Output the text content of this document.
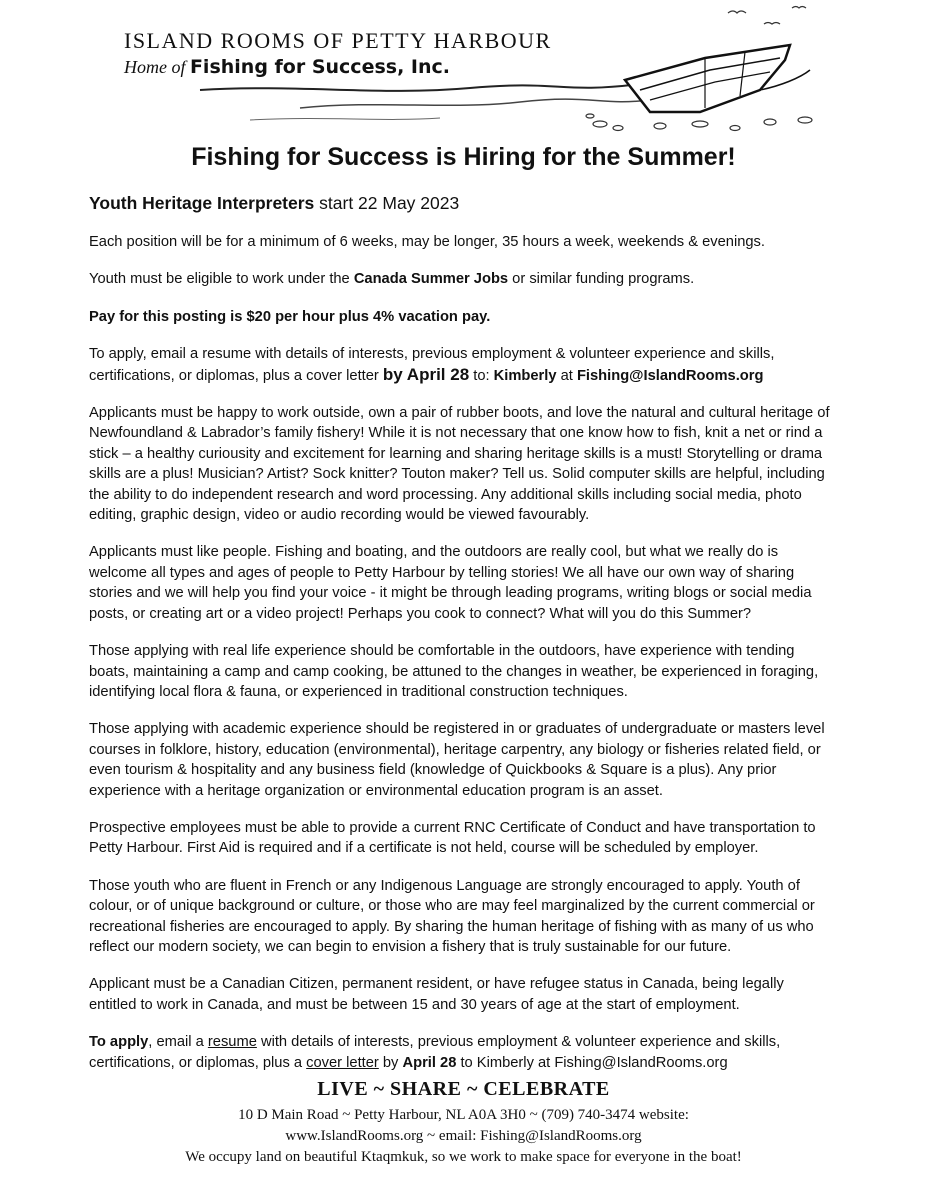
ISLAND ROOMS OF PETTY HARBOUR
Home of Fishing for Success, Inc.
Fishing for Success is Hiring for the Summer!
Youth Heritage Interpreters start 22 May 2023

Each position will be for a minimum of 6 weeks, may be longer, 35 hours a week, weekends & evenings.

Youth must be eligible to work under the Canada Summer Jobs or similar funding programs.

Pay for this posting is $20 per hour plus 4% vacation pay.

To apply, email a resume with details of interests, previous employment & volunteer experience and skills, certifications, or diplomas, plus a cover letter by April 28 to: Kimberly at Fishing@IslandRooms.org

Applicants must be happy to work outside, own a pair of rubber boots, and love the natural and cultural heritage of Newfoundland & Labrador’s family fishery! While it is not necessary that one know how to fish, knit a net or rind a stick – a healthy curiousity and excitement for learning and sharing heritage skills is a must! Storytelling or drama skills are a plus! Musician? Artist? Sock knitter? Touton maker? Tell us. Solid computer skills are helpful, including the ability to do independent research and word processing. Any additional skills including social media, photo editing, graphic design, video or audio recording would be viewed favourably.

Applicants must like people. Fishing and boating, and the outdoors are really cool, but what we really do is welcome all types and ages of people to Petty Harbour by telling stories! We all have our own way of sharing stories and we will help you find your voice - it might be through leading programs, writing blogs or social media posts, or creating art or a video project! Perhaps you cook to connect? What will you do this Summer?

Those applying with real life experience should be comfortable in the outdoors, have experience with tending boats, maintaining a camp and camp cooking, be attuned to the changes in weather, be experienced in foraging, identifying local flora & fauna, or experienced in traditional construction techniques.

Those applying with academic experience should be registered in or graduates of undergraduate or masters level courses in folklore, history, education (environmental), heritage carpentry, any biology or fisheries related field, or even tourism & hospitality and any business field (knowledge of Quickbooks & Square is a plus). Any prior experience with a heritage organization or environmental education program is an asset.

Prospective employees must be able to provide a current RNC Certificate of Conduct and have transportation to Petty Harbour. First Aid is required and if a certificate is not held, course will be scheduled by employer.

Those youth who are fluent in French or any Indigenous Language are strongly encouraged to apply. Youth of colour, or of unique background or culture, or those who are may feel marginalized by the current commercial or recreational fisheries are encouraged to apply. By sharing the human heritage of fishing with as many of us who reflect our modern society, we can begin to envision a fishery that is truly sustainable for our future.

Applicant must be a Canadian Citizen, permanent resident, or have refugee status in Canada, being legally entitled to work in Canada, and must be between 15 and 30 years of age at the start of employment.

To apply, email a resume with details of interests, previous employment & volunteer experience and skills, certifications, or diplomas, plus a cover letter by April 28 to Kimberly at Fishing@IslandRooms.org

LIVE ~ SHARE ~ CELEBRATE
10 D Main Road ~ Petty Harbour, NL A0A 3H0 ~ (709) 740-3474 website:
www.IslandRooms.org ~ email: Fishing@IslandRooms.org
We occupy land on beautiful Ktaqmkuk, so we work to make space for everyone in the boat!
